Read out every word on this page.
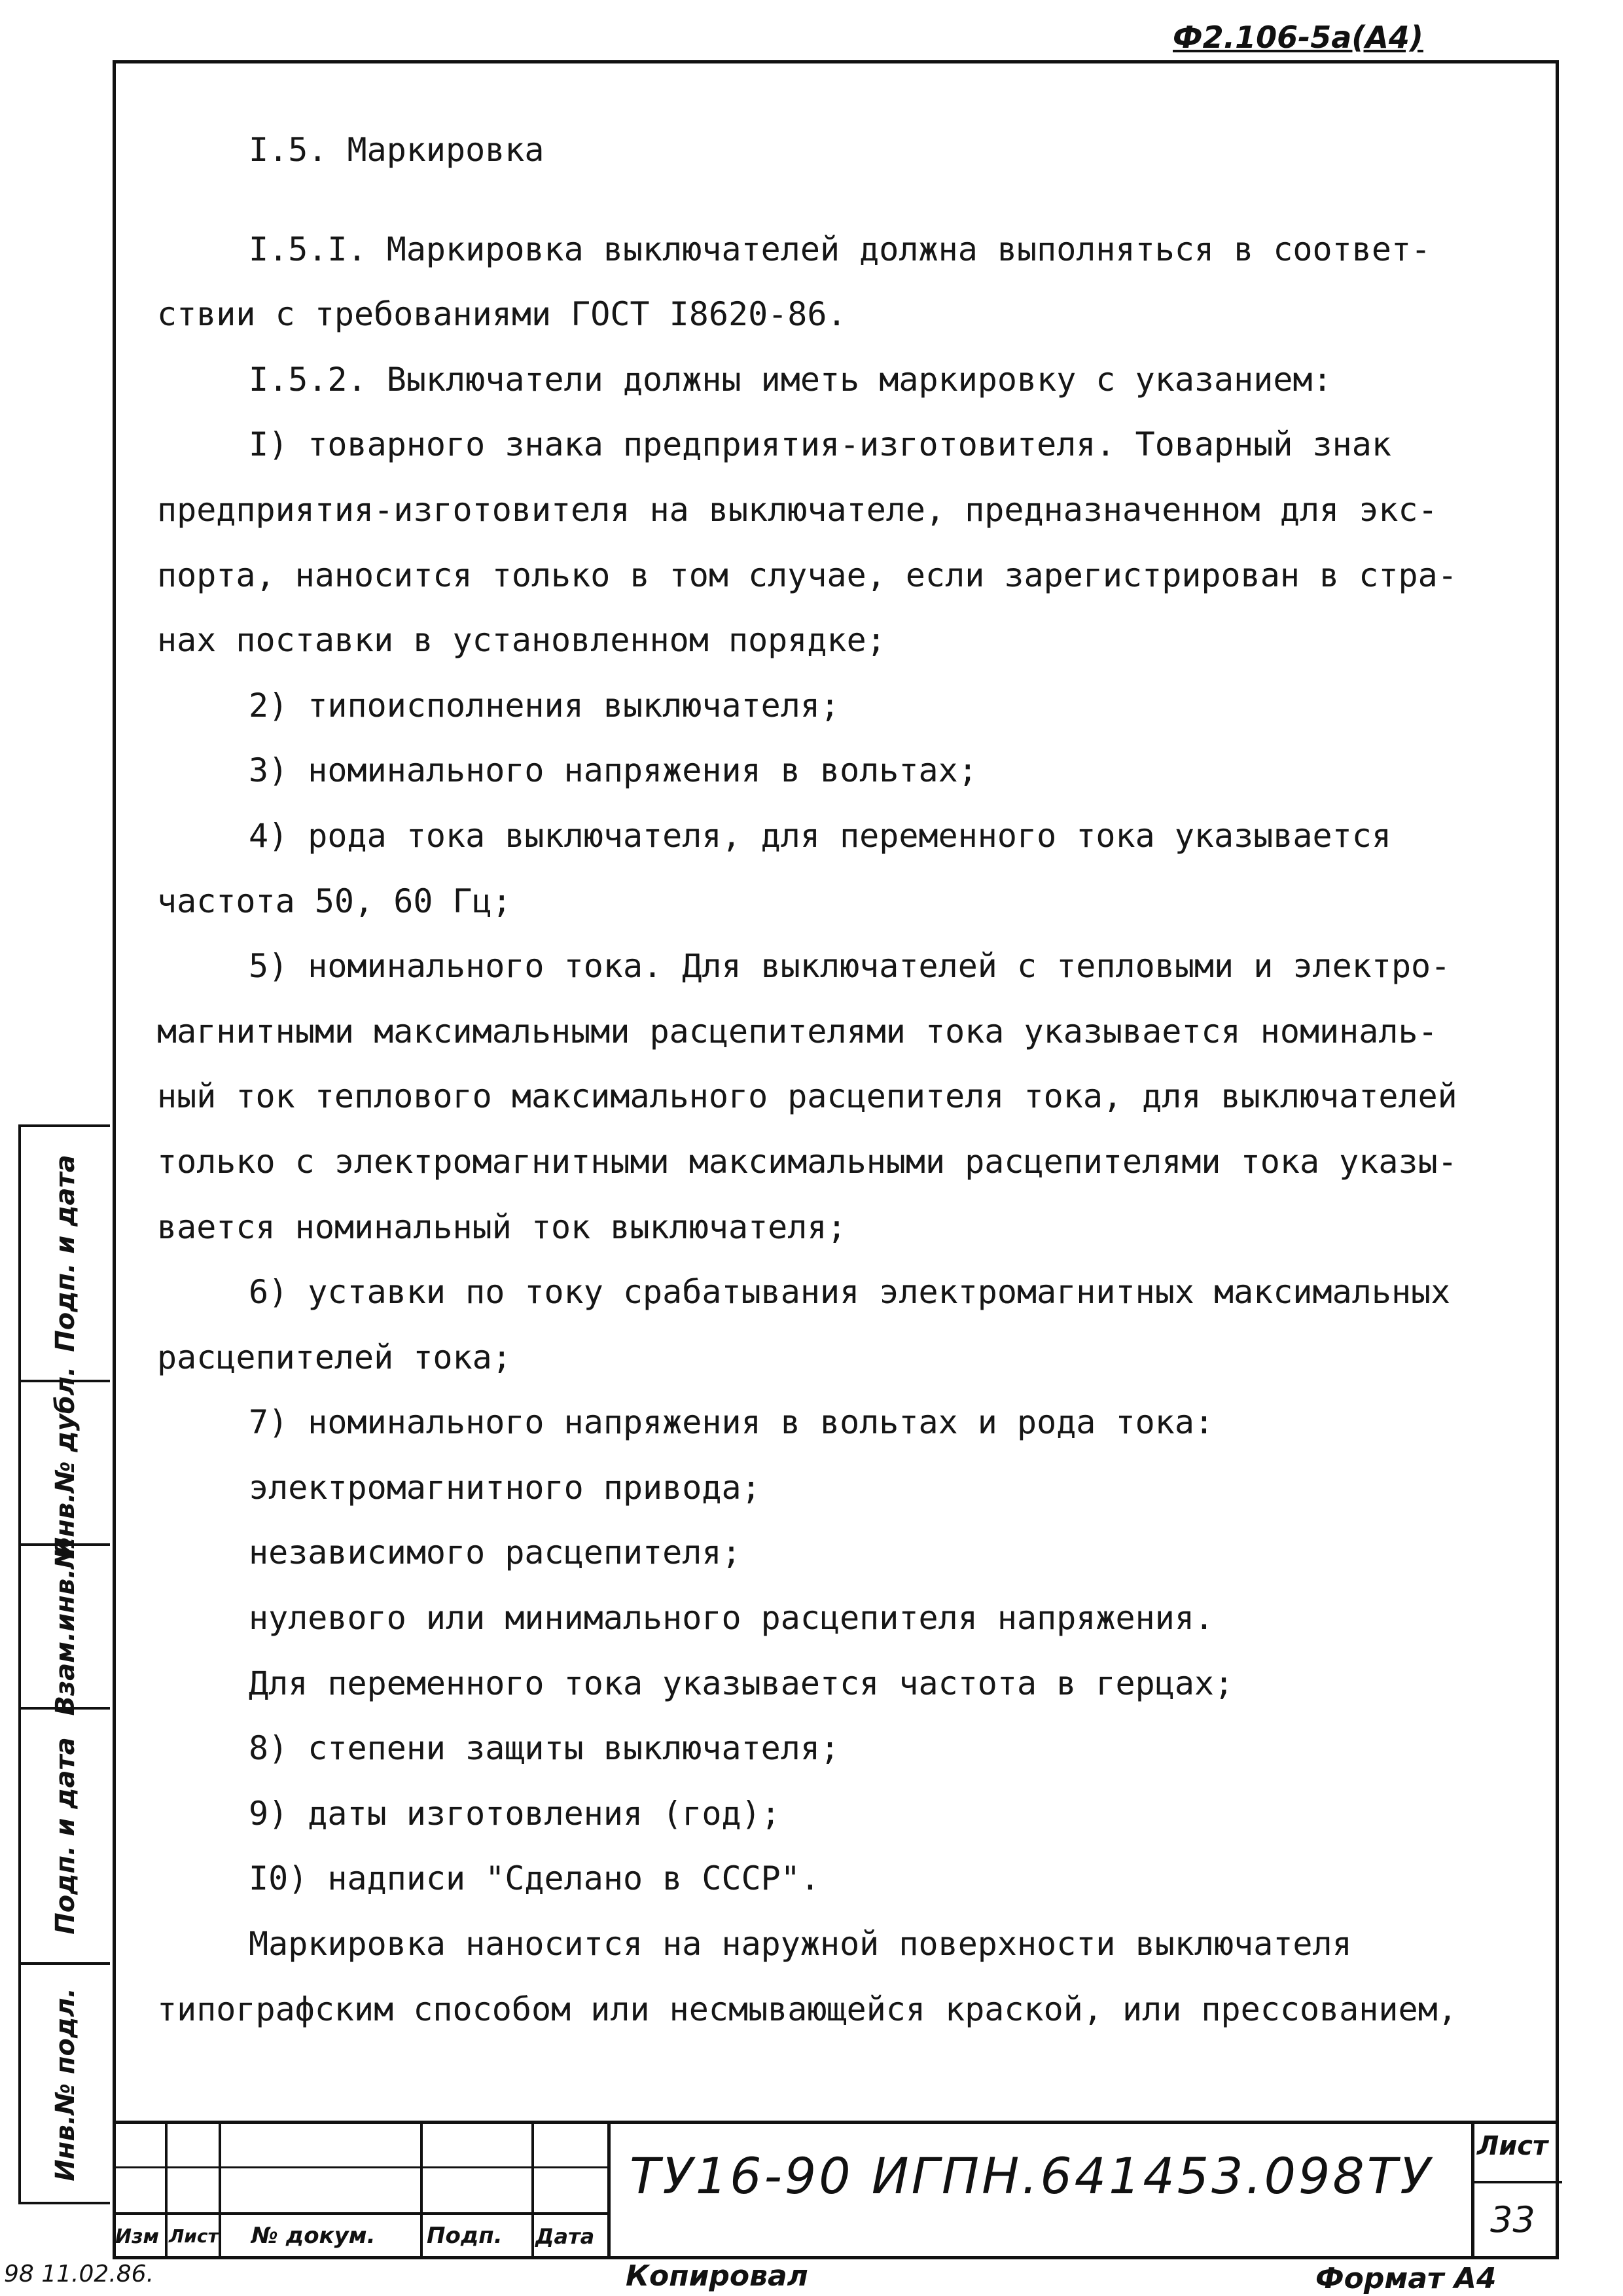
Ф2.106-5а(А4)

I.5. Маркировка

I.5.I. Маркировка выключателей должна выполняться в соответ-

ствии с требованиями ГОСТ I8620-86.

I.5.2. Выключатели должны иметь маркировку с указанием:

I) товарного знака предприятия-изготовителя. Товарный знак

предприятия-изготовителя на выключателе, предназначенном для экс-

порта, наносится только в том случае, если зарегистрирован в стра-

нах поставки в установленном порядке;

2) типоисполнения выключателя;

3) номинального напряжения в вольтах;

4) рода тока выключателя, для переменного тока указывается

частота 50, 60 Гц;

5) номинального тока. Для выключателей с тепловыми и электро-

магнитными максимальными расцепителями тока указывается номиналь-

ный ток теплового максимального расцепителя тока, для выключателей

только с электромагнитными максимальными расцепителями тока указы-

вается номинальный ток выключателя;

6) уставки по току срабатывания электромагнитных максимальных

расцепителей тока;

7) номинального напряжения в вольтах и рода тока:

электромагнитного привода;

независимого расцепителя;

нулевого или минимального расцепителя напряжения.

Для переменного тока указывается частота в герцах;

8) степени защиты выключателя;

9) даты изготовления (год);

I0) надписи "Сделано в СССР".

Маркировка наносится на наружной поверхности выключателя

типографским способом или несмывающейся краской, или прессованием,

Подп. и дата
Инв.№ дубл.
Взам.инв.№
Подп. и дата
Инв.№ подл.
Изм Лист № докум. Подп. Дата
ТУ16-90 ИГПН.641453.098ТУ
Лист
33
98 11.02.86.	Копировал	Формат А4
